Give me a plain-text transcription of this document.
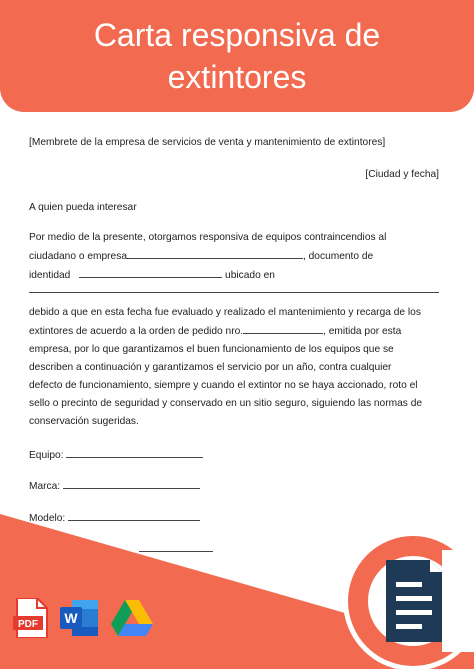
Carta responsiva de extintores
[Membrete de la empresa de servicios de venta y mantenimiento de extintores]
[Ciudad y fecha]
A quien pueda interesar
Por medio de la presente, otorgamos responsiva de equipos contraincendios al
ciudadano o empresa	, documento de
identidad	ubicado en
debido a que en esta fecha fue evaluado y realizado el mantenimiento y recarga de los
extintores de acuerdo a la orden de pedido nro.	, emitida por esta
empresa, por lo que garantizamos el buen funcionamiento de los equipos que se
describen a continuación y garantizamos el servicio por un año, contra cualquier
defecto de funcionamiento, siempre y cuando el extintor no se haya accionado, roto el
sello o precinto de seguridad y conservado en un sitio seguro, siguiendo las normas de
conservación sugeridas.
Equipo:
Marca:
Modelo:
PDF W
